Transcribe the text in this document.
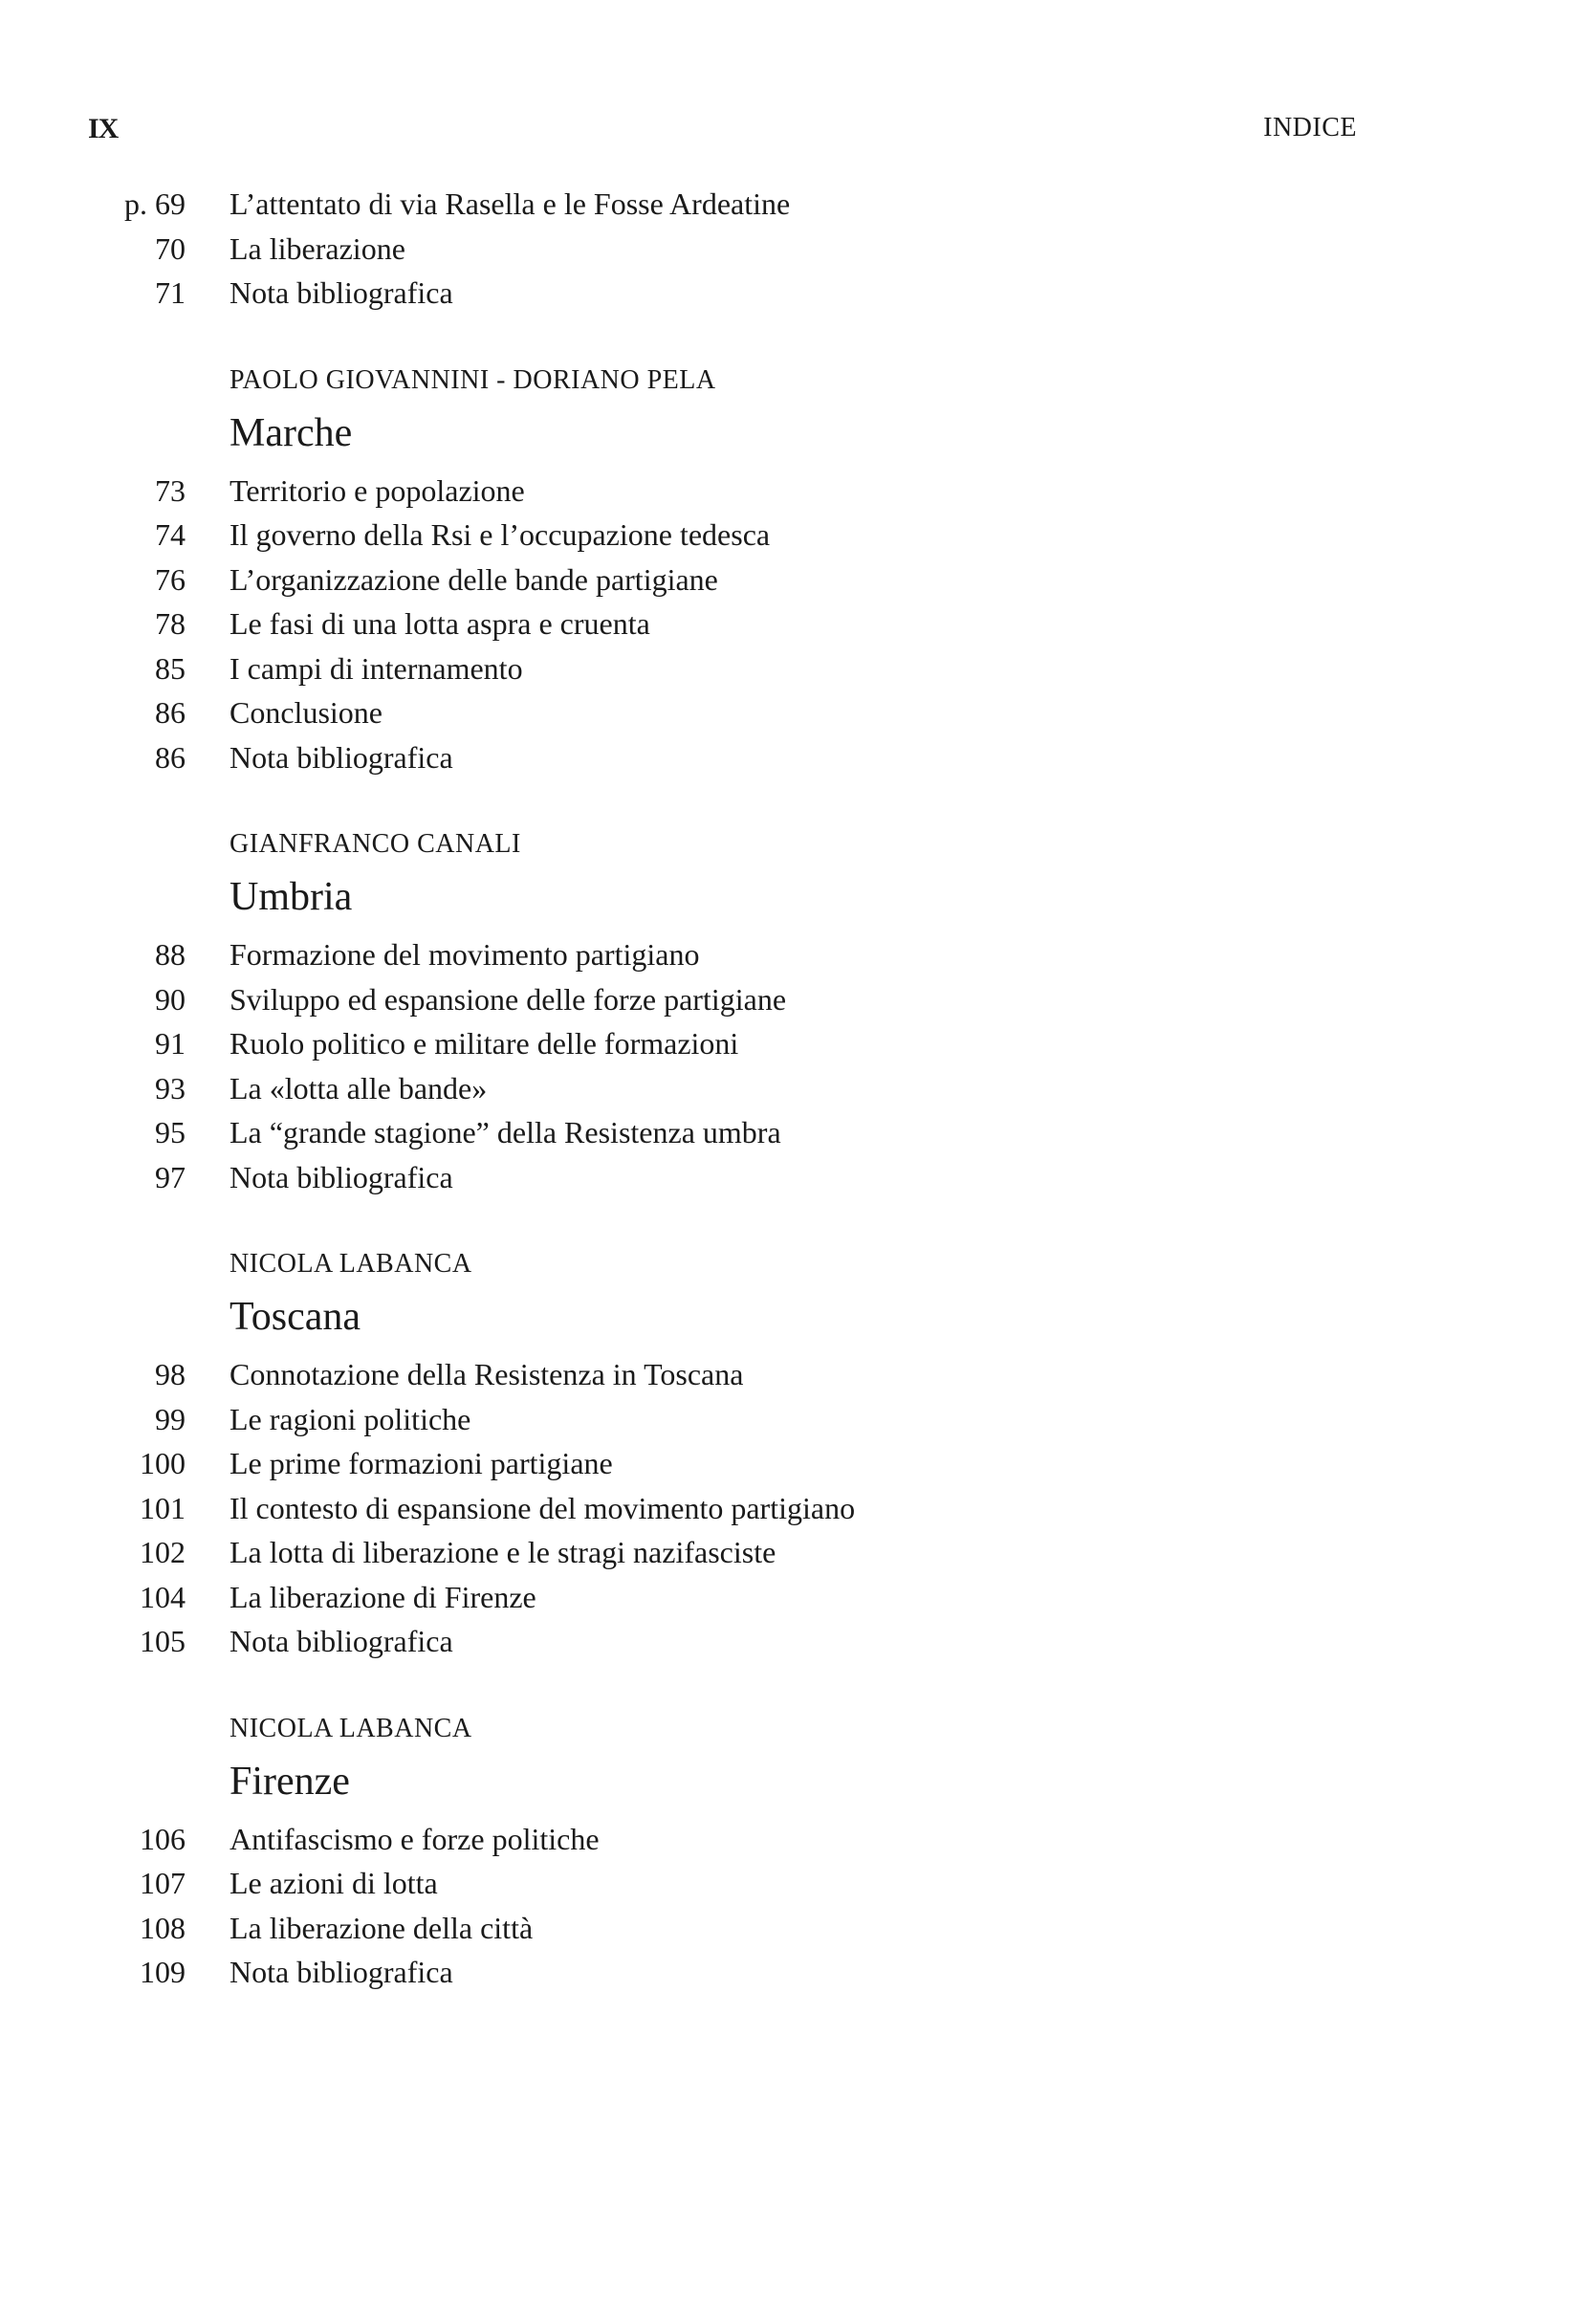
IX	INDICE
p. 69 L’attentato di via Rasella e le Fosse Ardeatine
70 La liberazione
71 Nota bibliografica
PAOLO GIOVANNINI - DORIANO PELA
Marche
73 Territorio e popolazione
74 Il governo della Rsi e l’occupazione tedesca
76 L’organizzazione delle bande partigiane
78 Le fasi di una lotta aspra e cruenta
85 I campi di internamento
86 Conclusione
86 Nota bibliografica
GIANFRANCO CANALI
Umbria
88 Formazione del movimento partigiano
90 Sviluppo ed espansione delle forze partigiane
91 Ruolo politico e militare delle formazioni
93 La «lotta alle bande»
95 La “grande stagione” della Resistenza umbra
97 Nota bibliografica
NICOLA LABANCA
Toscana
98 Connotazione della Resistenza in Toscana
99 Le ragioni politiche
100 Le prime formazioni partigiane
101 Il contesto di espansione del movimento partigiano
102 La lotta di liberazione e le stragi nazifasciste
104 La liberazione di Firenze
105 Nota bibliografica
NICOLA LABANCA
Firenze
106 Antifascismo e forze politiche
107 Le azioni di lotta
108 La liberazione della città
109 Nota bibliografica
